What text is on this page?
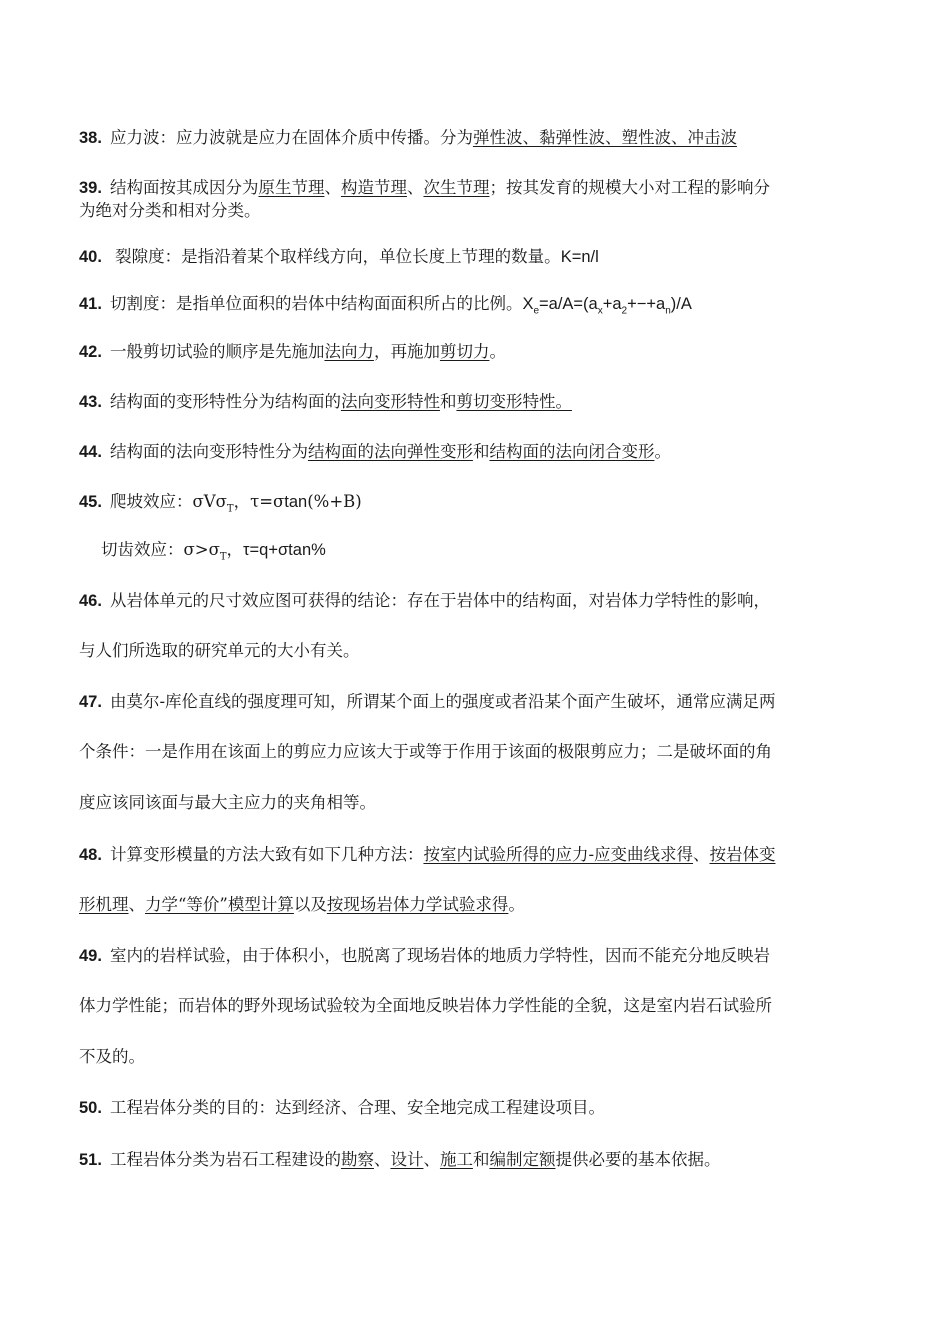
38. 应力波：应力波就是应力在固体介质中传播。分为弹性波、黏弹性波、塑性波、冲击波
39. 结构面按其成因分为原生节理、构造节理、次生节理；按其发育的规模大小对工程的影响分
为绝对分类和相对分类。
40. 裂隙度：是指沿着某个取样线方向，单位长度上节理的数量。K=n/l
41. 切割度：是指单位面积的岩体中结构面面积所占的比例。$X_e=a/A=(a_x+a_2+-+a_n)/A$
42. 一般剪切试验的顺序是先施加法向力，再施加剪切力。
43. 结构面的变形特性分为结构面的法向变形特性和剪切变形特性。
44. 结构面的法向变形特性分为结构面的法向弹性变形和结构面的法向闭合变形。
45. 爬坡效应：σVσ$_T$，τ=σtan(%+B)
切齿效应：$\sigma>\sigma_T$，τ=q+σtan%
46. 从岩体单元的尺寸效应图可获得的结论：存在于岩体中的结构面，对岩体力学特性的影响，
与人们所选取的研究单元的大小有关。
47. 由莫尔-库伦直线的强度理可知，所谓某个面上的强度或者沿某个面产生破坏，通常应满足两
个条件：一是作用在该面上的剪应力应该大于或等于作用于该面的极限剪应力；二是破坏面的角
度应该同该面与最大主应力的夹角相等。
48. 计算变形模量的方法大致有如下几种方法：按室内试验所得的应力-应变曲线求得、按岩体变
形机理、力学“等价”模型计算以及按现场岩体力学试验求得。
49. 室内的岩样试验，由于体积小，也脱离了现场岩体的地质力学特性，因而不能充分地反映岩
体力学性能；而岩体的野外现场试验较为全面地反映岩体力学性能的全貌，这是室内岩石试验所
不及的。
50. 工程岩体分类的目的：达到经济、合理、安全地完成工程建设项目。
51. 工程岩体分类为岩石工程建设的勘察、设计、施工和编制定额提供必要的基本依据。
